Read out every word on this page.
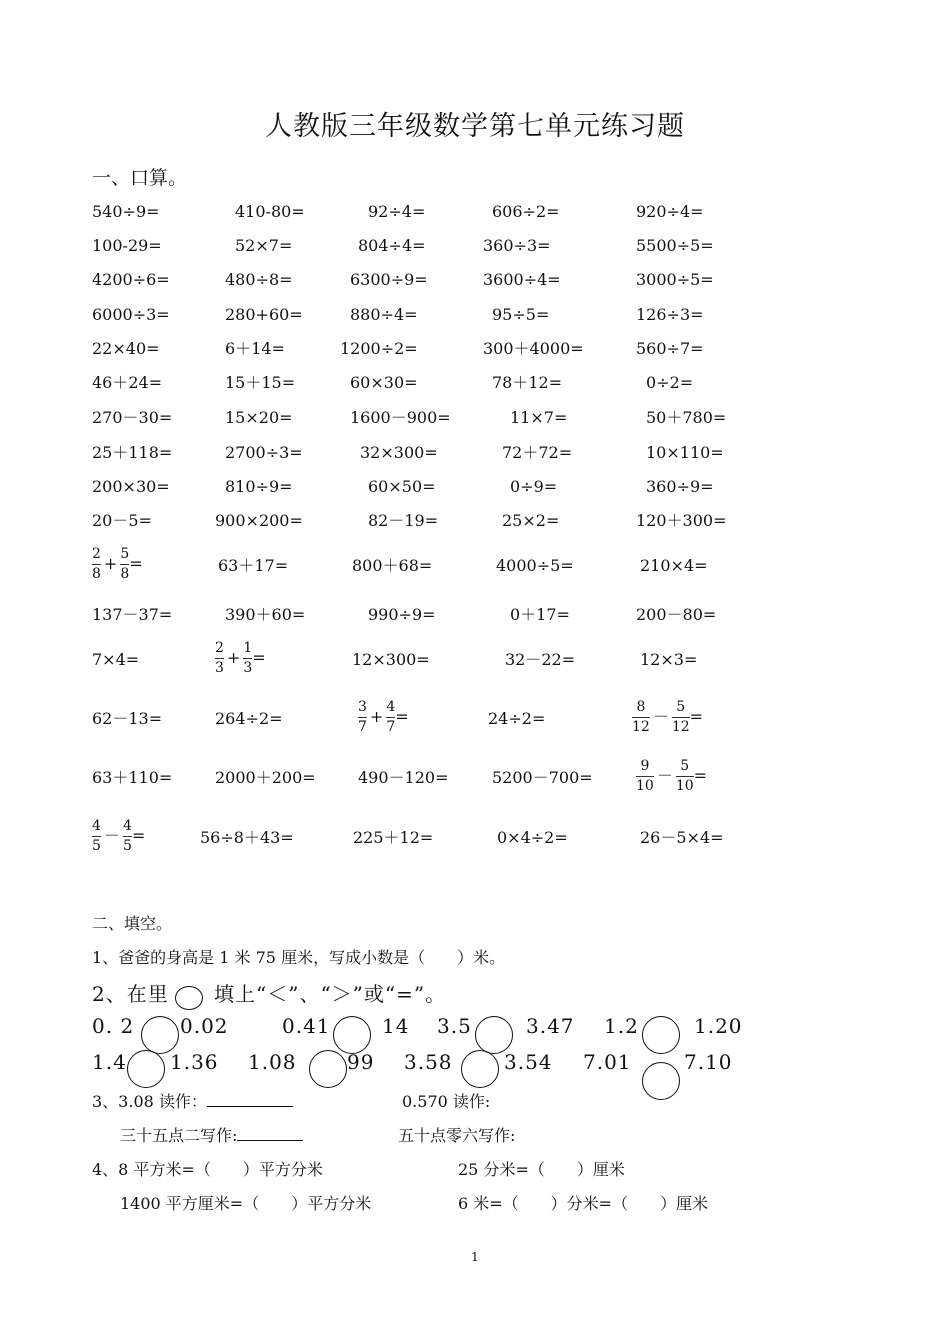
人教版三年级数学第七单元练习题
一、口算。
540÷9=	410-80=	92÷4=	606÷2=	920÷4=
100-29=	52×7=	804÷4=	360÷3=	5500÷5=
4200÷6=	480÷8=	6300÷9=	3600÷4=	3000÷5=
6000÷3=	280+60=	880÷4=	95÷5=	126÷3=
22×40=	6＋14=	1200÷2=	300＋4000=	560÷7=
46＋24=	15＋15=	60×30=	78＋12=	0÷2=
270－30=	15×20=	1600－900=	11×7=	50＋780=
25＋118=	2700÷3=	32×300=	72＋72=	10×110=
200×30=	810÷9=	60×50=	0÷9=	360÷9=
20－5=	900×200=	82－19=	25×2=	120＋300=
$\frac{2}{8} + \frac{5}{8}$ =	63＋17=	800＋68=	4000÷5=	210×4=
137－37=	390＋60=	990÷9=	0＋17=	200－80=
7×4=	$\frac{2}{3} + \frac{1}{3}$ =	12×300=	32－22=	12×3=
62－13=	264÷2=	$\frac{3}{7} + \frac{4}{7}$ =	24÷2=	$\frac{8}{12} - \frac{5}{12}$ =
63＋110=	2000＋200=	490－120=	5200－700=	$\frac{9}{10} - \frac{5}{10}$ =
$\frac{4}{5} - \frac{4}{5}$ =	56÷8＋43=	225＋12=	0×4÷2=	26－5×4=
二、填空。
1、爸爸的身高是 1 米 75 厘米，写成小数是（　　）米。
2、在里 填上“＜”、“＞”或“=”。
0. 2 0.02	0.41	14 3.5	3.47 1.2	1.20
1.4 1.36 1.08	99 3.58	3.54 7.01	7.10
3、3.08 读作：	0.570 读作:
三十五点二写作:	五十点零六写作:
4、8 平方米=（　　）平方分米	25 分米=（　　）厘米
1400 平方厘米=（　　）平方分米	6 米=（　　）分米=（　　）厘米
1
